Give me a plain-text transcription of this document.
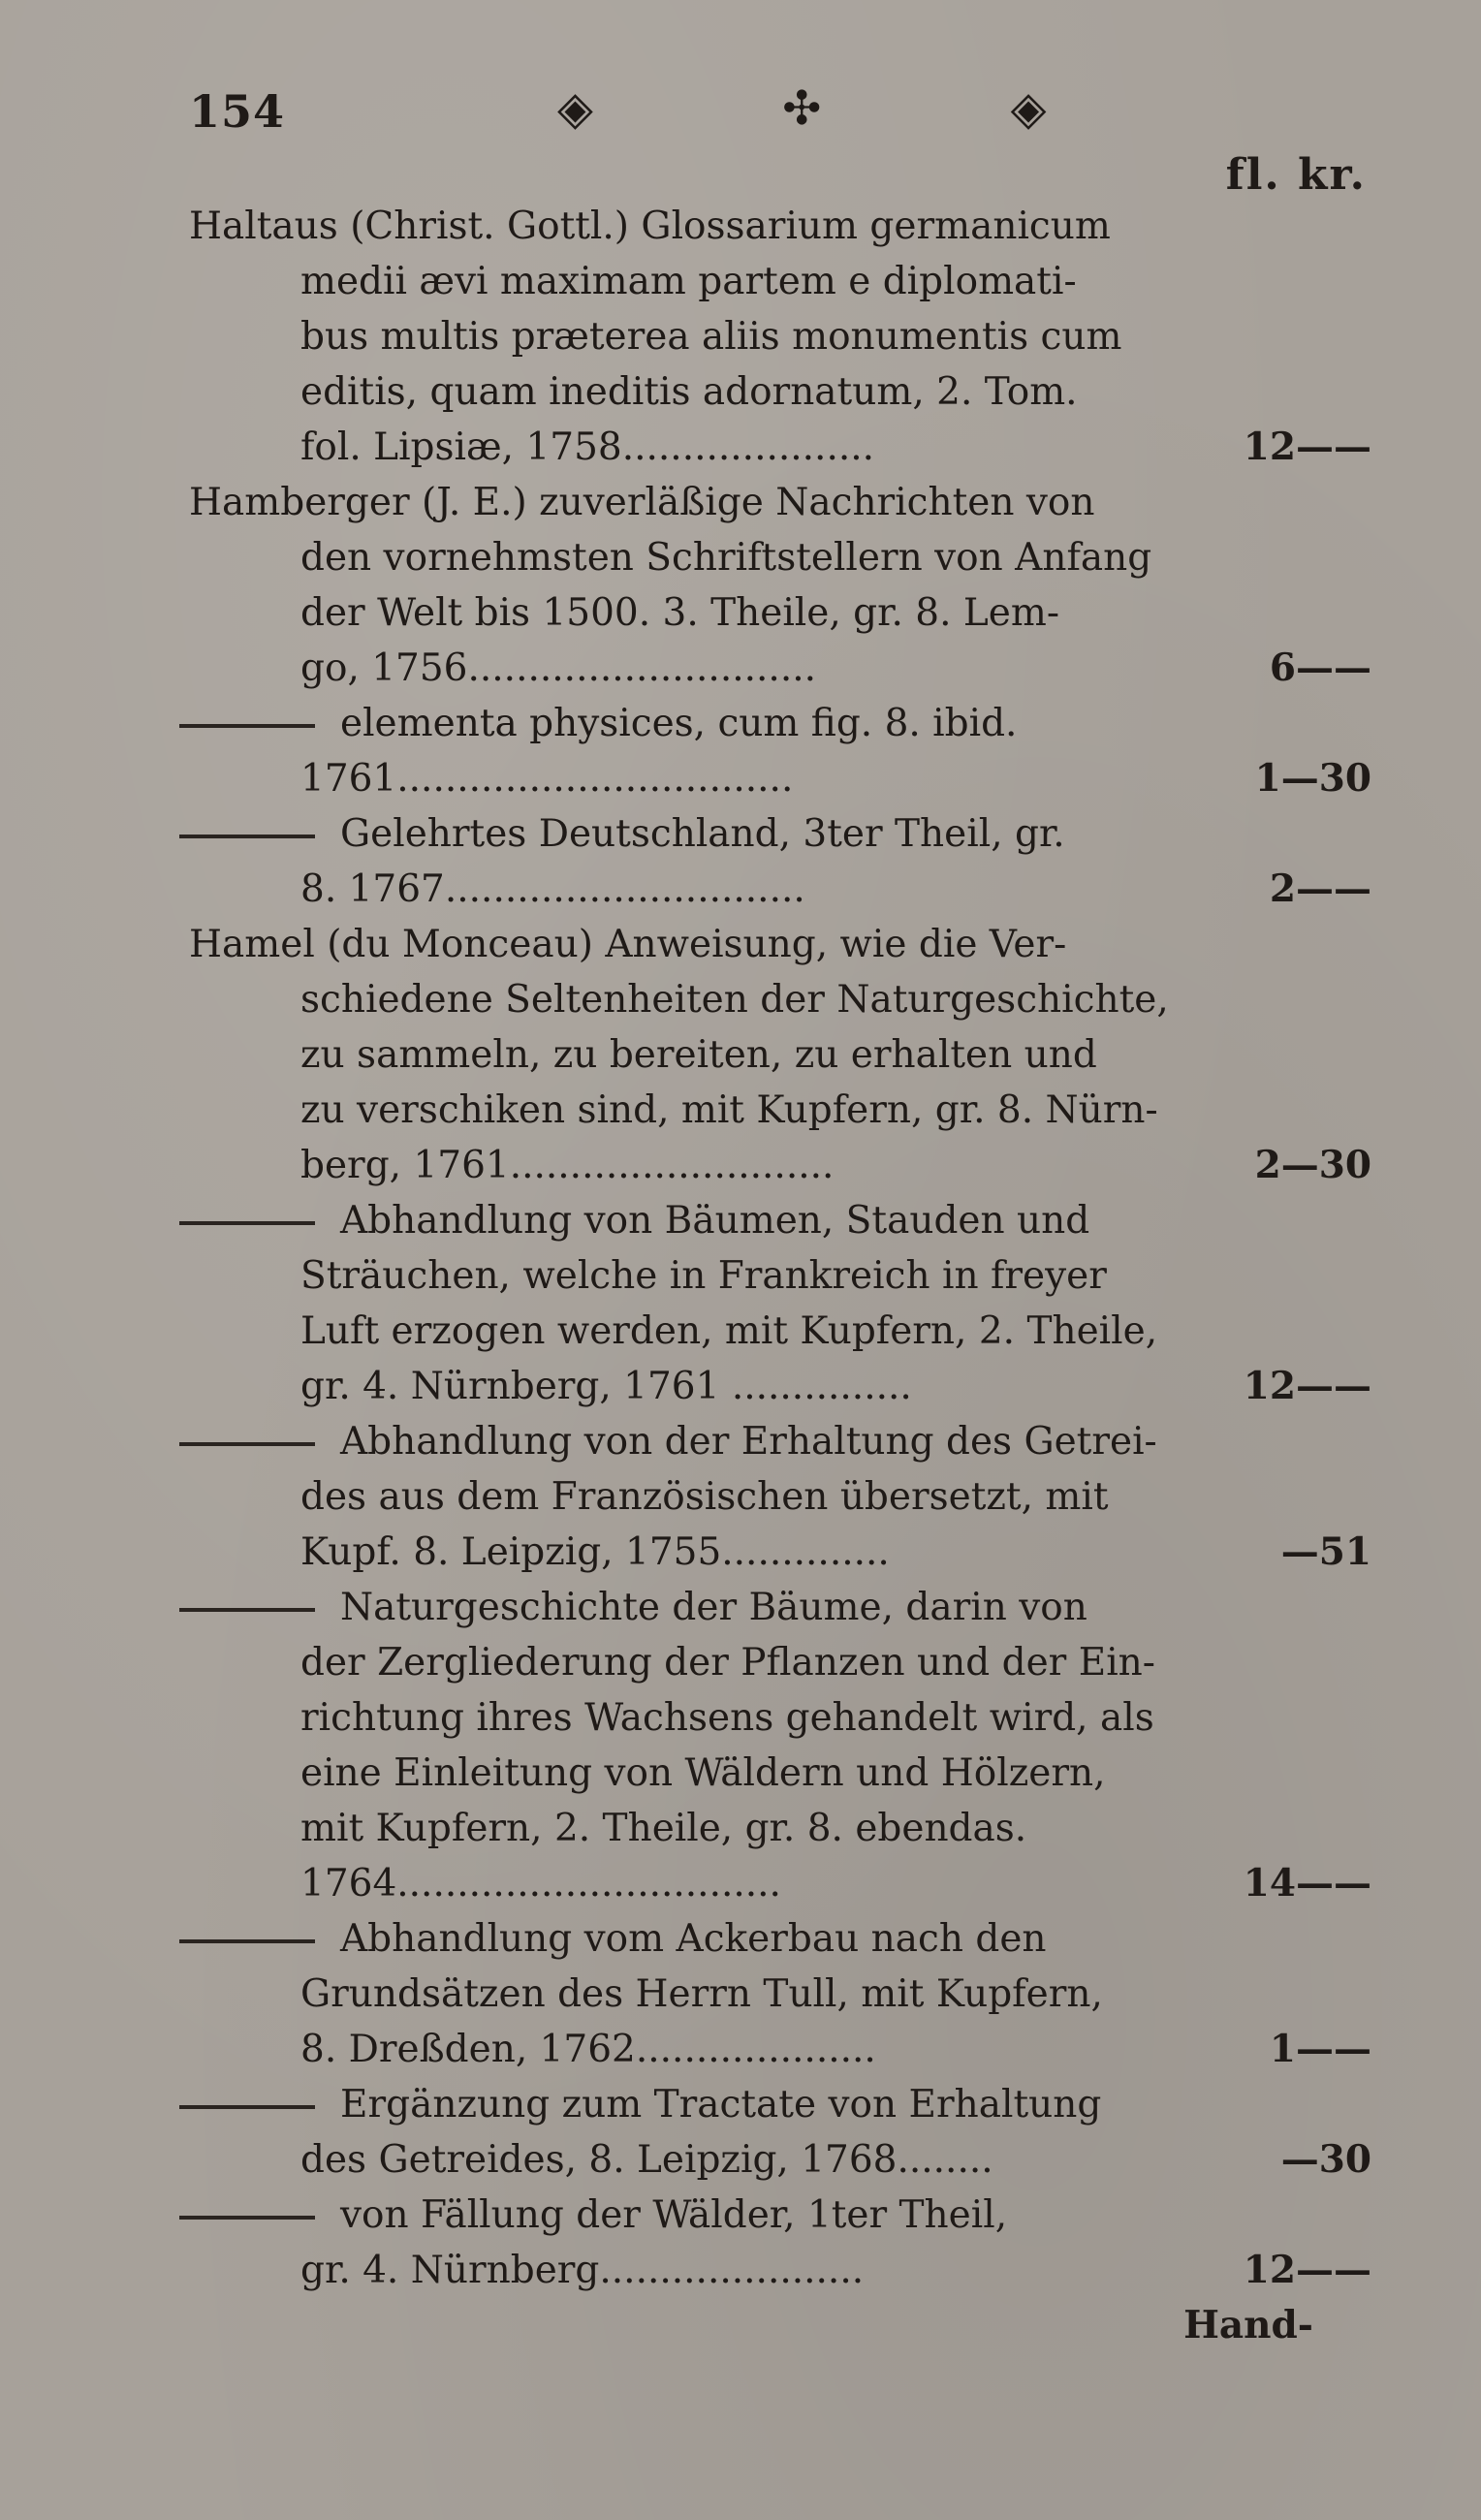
154	◈ ✣ ◈
fl. kr.
Haltaus (Christ. Gottl.) Glossarium germanicum
medii ævi maximam partem e diplomati-
bus multis præterea aliis monumentis cum
editis, quam ineditis adornatum, 2. Tom.
fol. Lipsiæ, 1758.....................	12——
Hamberger (J. E.) zuverläßige Nachrichten von
den vornehmsten Schriftstellern von Anfang
der Welt bis 1500. 3. Theile, gr. 8. Lem-
go, 1756.............................	6——
elementa physices, cum fig. 8. ibid.
1761.................................	1—30
Gelehrtes Deutschland, 3ter Theil, gr.
8. 1767..............................	2——
Hamel (du Monceau) Anweisung, wie die Ver-
schiedene Seltenheiten der Naturgeschichte,
zu sammeln, zu bereiten, zu erhalten und
zu verschiken sind, mit Kupfern, gr. 8. Nürn-
berg, 1761...........................	2—30
Abhandlung von Bäumen, Stauden und
Sträuchen, welche in Frankreich in freyer
Luft erzogen werden, mit Kupfern, 2. Theile,
gr. 4. Nürnberg, 1761 ...............	12——
Abhandlung von der Erhaltung des Getrei-
des aus dem Französischen übersetzt, mit
Kupf. 8. Leipzig, 1755..............	—51
Naturgeschichte der Bäume, darin von
der Zergliederung der Pflanzen und der Ein-
richtung ihres Wachsens gehandelt wird, als
eine Einleitung von Wäldern und Hölzern,
mit Kupfern, 2. Theile, gr. 8. ebendas.
1764................................	14——
Abhandlung vom Ackerbau nach den
Grundsätzen des Herrn Tull, mit Kupfern,
8. Dreßden, 1762....................	1——
Ergänzung zum Tractate von Erhaltung
des Getreides, 8. Leipzig, 1768........	—30
von Fällung der Wälder, 1ter Theil,
gr. 4. Nürnberg......................	12——
Hand-
